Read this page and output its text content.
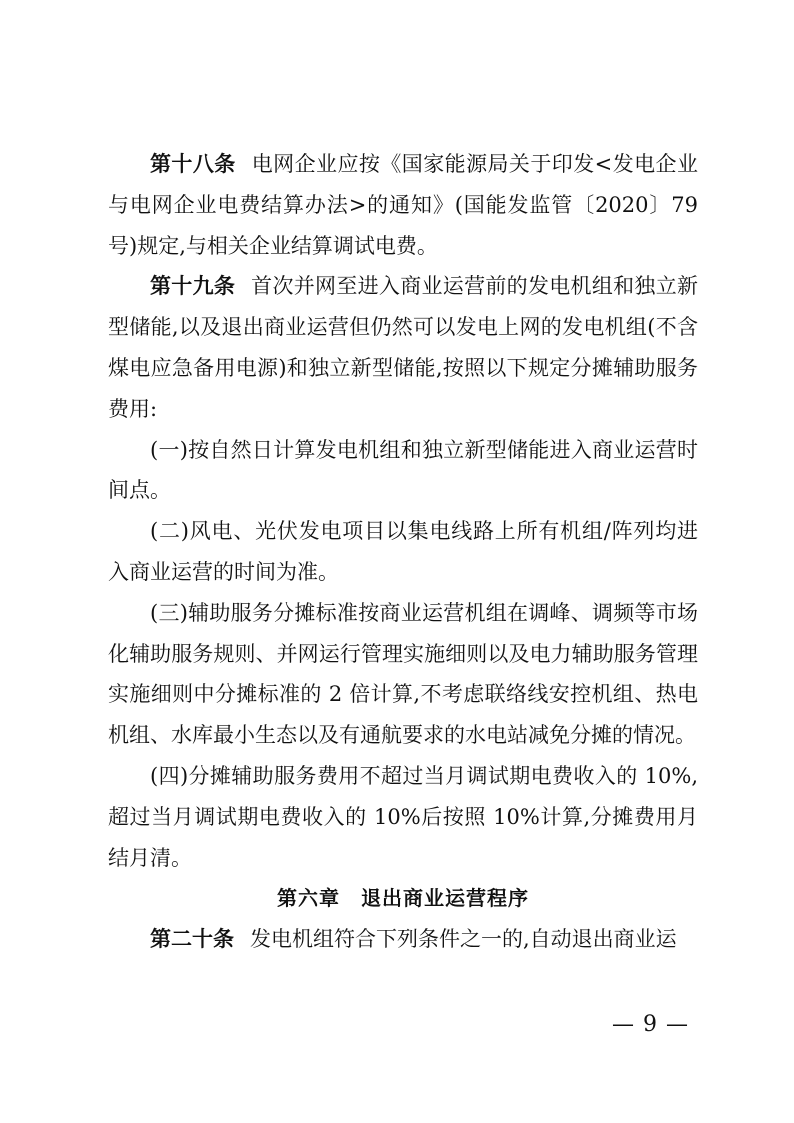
第十八条 电网企业应按《国家能源局关于印发<发电企业与电网企业电费结算办法>的通知》(国能发监管〔2020〕79 号)规定,与相关企业结算调试电费。

第十九条 首次并网至进入商业运营前的发电机组和独立新型储能,以及退出商业运营但仍然可以发电上网的发电机组(不含煤电应急备用电源)和独立新型储能,按照以下规定分摊辅助服务费用:

(一)按自然日计算发电机组和独立新型储能进入商业运营时间点。

(二)风电、光伏发电项目以集电线路上所有机组/阵列均进入商业运营的时间为准。

(三)辅助服务分摊标准按商业运营机组在调峰、调频等市场化辅助服务规则、并网运行管理实施细则以及电力辅助服务管理实施细则中分摊标准的 2 倍计算,不考虑联络线安控机组、热电机组、水库最小生态以及有通航要求的水电站减免分摊的情况。

(四)分摊辅助服务费用不超过当月调试期电费收入的 10%,超过当月调试期电费收入的 10%后按照 10%计算,分摊费用月结月清。

第六章　退出商业运营程序

第二十条 发电机组符合下列条件之一的,自动退出商业运

— 9 —
